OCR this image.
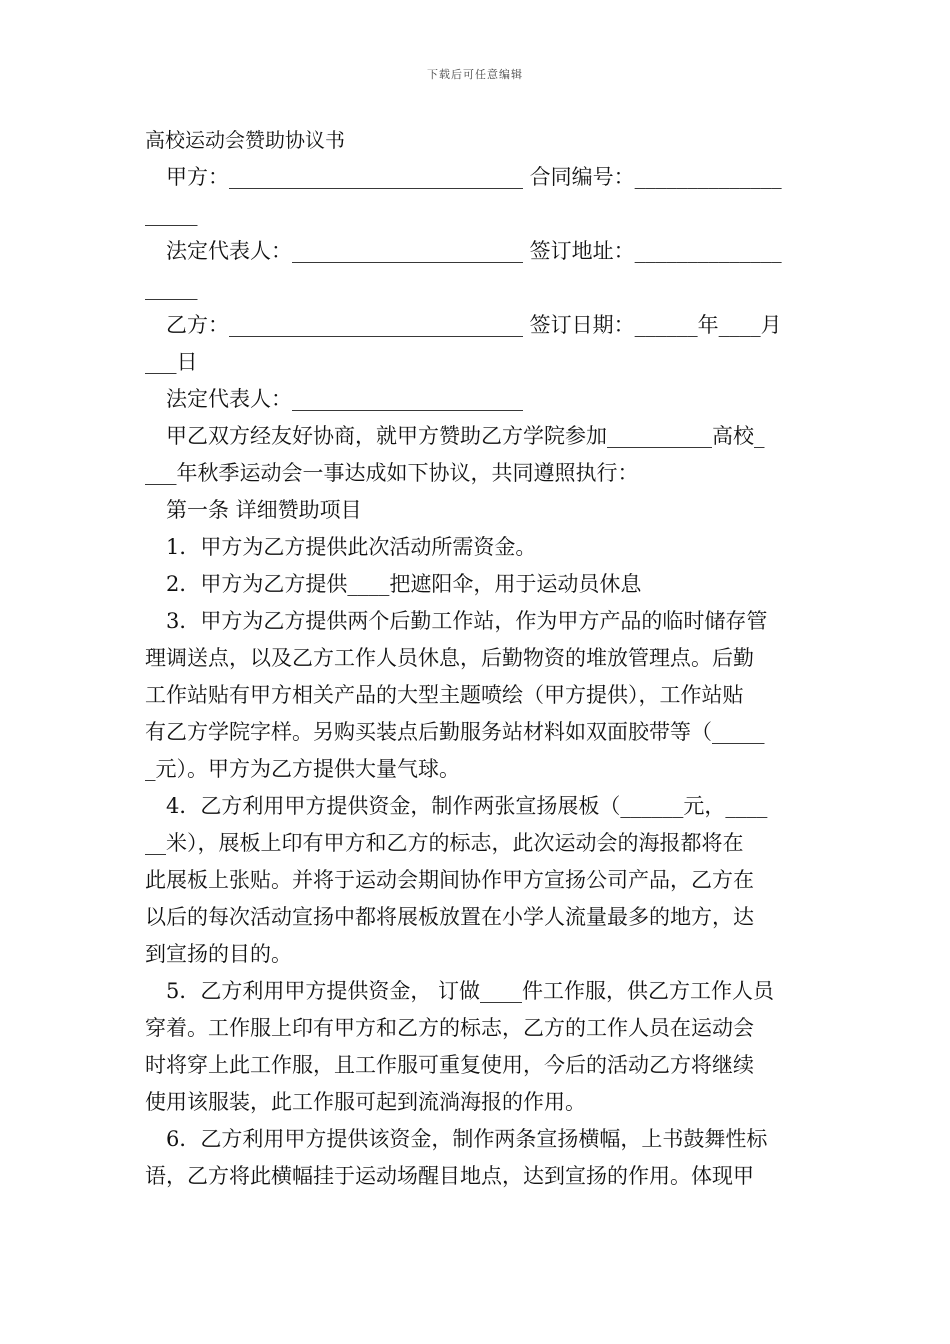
下载后可任意编辑
高校运动会赞助协议书
甲方：____________________________ 合同编号：______________
_____
法定代表人：______________________ 签订地址：______________
_____
乙方：____________________________ 签订日期：______年____月
___日
法定代表人：______________________
甲乙双方经友好协商，就甲方赞助乙方学院参加__________高校_
___年秋季运动会一事达成如下协议，共同遵照执行：
第一条 详细赞助项目
1．甲方为乙方提供此次活动所需资金。
2．甲方为乙方提供____把遮阳伞，用于运动员休息
3．甲方为乙方提供两个后勤工作站，作为甲方产品的临时储存管
理调送点，以及乙方工作人员休息，后勤物资的堆放管理点。后勤
工作站贴有甲方相关产品的大型主题喷绘（甲方提供），工作站贴
有乙方学院字样。另购买装点后勤服务站材料如双面胶带等（_____
_元）。甲方为乙方提供大量气球。
4．乙方利用甲方提供资金，制作两张宣扬展板（______元，____
__米），展板上印有甲方和乙方的标志，此次运动会的海报都将在
此展板上张贴。并将于运动会期间协作甲方宣扬公司产品，乙方在
以后的每次活动宣扬中都将展板放置在小学人流量最多的地方，达
到宣扬的目的。
5．乙方利用甲方提供资金， 订做____件工作服，供乙方工作人员
穿着。工作服上印有甲方和乙方的标志，乙方的工作人员在运动会
时将穿上此工作服，且工作服可重复使用，今后的活动乙方将继续
使用该服装，此工作服可起到流淌海报的作用。
6．乙方利用甲方提供该资金，制作两条宣扬横幅，上书鼓舞性标
语，乙方将此横幅挂于运动场醒目地点，达到宣扬的作用。体现甲
